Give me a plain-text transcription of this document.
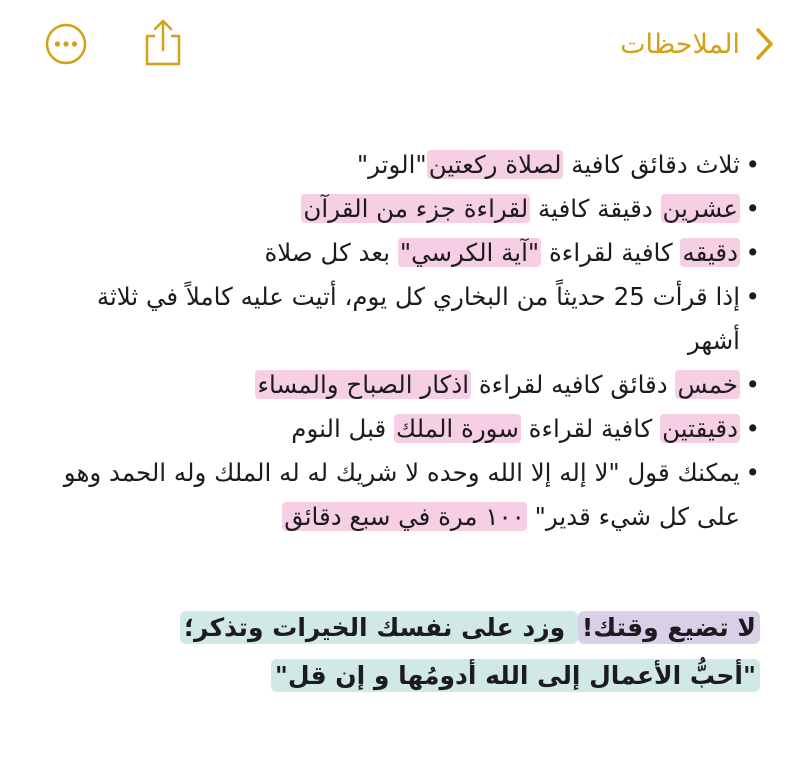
الملاحظات
• ثلاث دقائق كافية لصلاة ركعتين"الوتر"
• عشرين دقيقة كافية لقراءة جزء من القرآن
• دقيقه كافية لقراءة "آية الكرسي" بعد كل صلاة
• إذا قرأت 25 حديثاً من البخاري كل يوم، أتيت عليه كاملاً في ثلاثة أشهر
• خمس دقائق كافيه لقراءة اذكار الصباح والمساء
• دقيقتين كافية لقراءة سورة الملك قبل النوم
• يمكنك قول "لا إله إلا الله وحده لا شريك له له الملك وله الحمد وهو على كل شيء قدير" ١٠٠ مرة في سبع دقائق
لا تضيع وقتك! وزد على نفسك الخيرات وتذكر؛
"أحبُّ الأعمال إلى الله أدومُها و إن قل"
